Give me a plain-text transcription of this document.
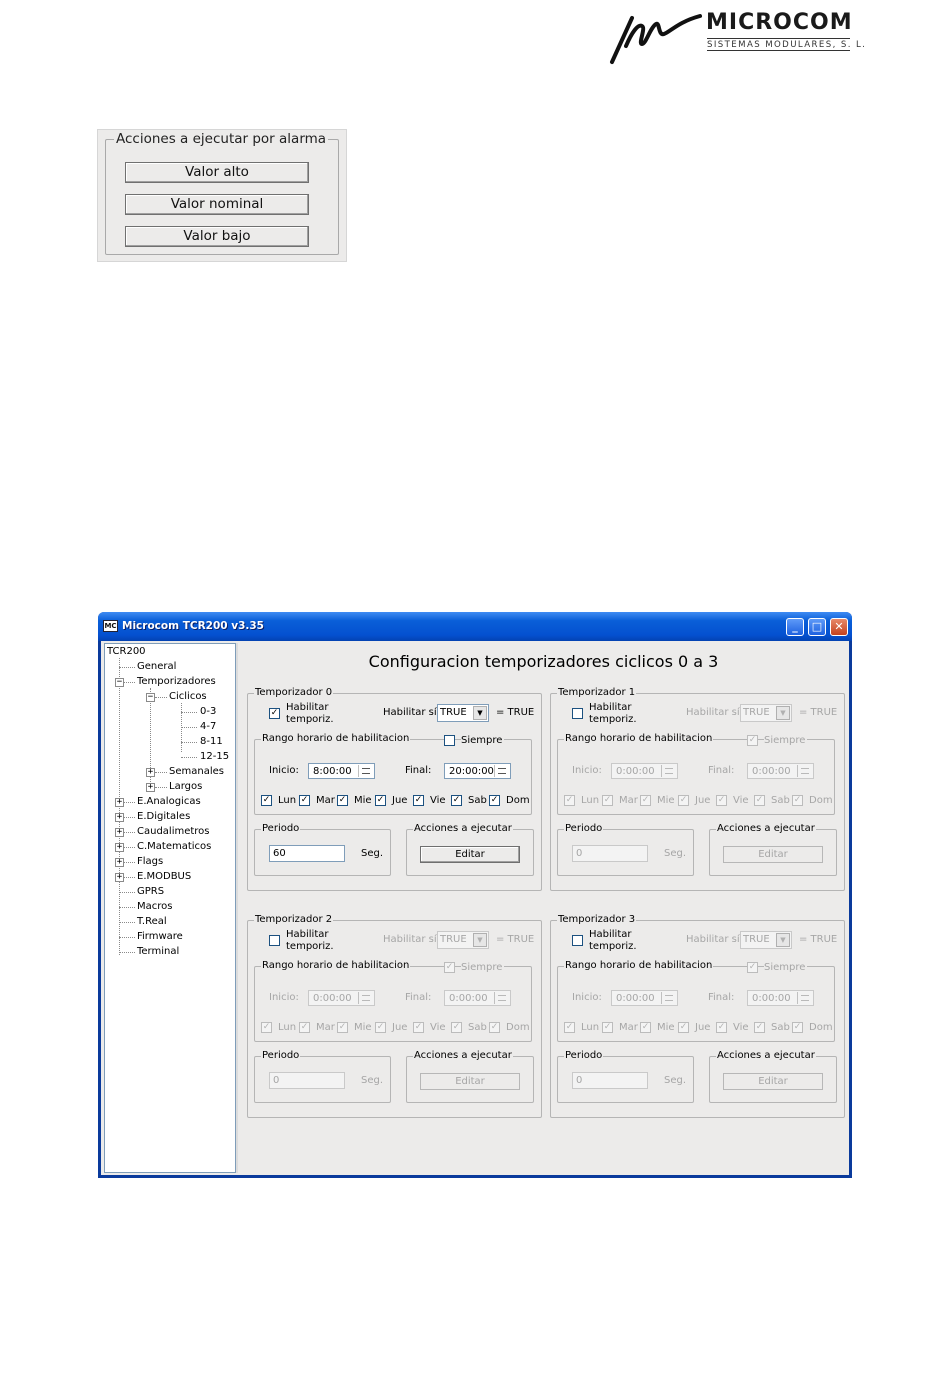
MICROCOM
SISTEMAS MODULARES, S. L.
Acciones a ejecutar por alarma
Valor alto
Valor nominal
Valor bajo
MC Microcom TCR200 v3.35	_	□	✕
TCR200
General
− Temporizadores
− Ciclicos
0-3
4-7
8-11
12-15
+ Semanales
+ Largos
+ E.Analogicas
+ E.Digitales
+ Caudalimetros
+ C.Matematicos
+ Flags
+ E.MODBUS
GPRS
Macros
T.Real
Firmware
Terminal
Configuracion temporizadores ciclicos 0 a 3
Temporizador 0
✓ Habilitar
temporiz.
Habilitar sí TRUE	▼	= TRUE
Rango horario de habilitacion	Siempre
Inicio: 8:00:00	Final: 20:00:00
✓ Lun ✓ Mar ✓ Mie ✓ Jue ✓ Vie ✓ Sab ✓ Dom
Periodo
60	Seg.
Acciones a ejecutar
Editar
Temporizador 1
Habilitar
temporiz.
Habilitar sí TRUE	▼	= TRUE
Rango horario de habilitacion	✓ Siempre
Inicio: 0:00:00	Final: 0:00:00
✓ Lun ✓ Mar ✓ Mie ✓ Jue ✓ Vie ✓ Sab ✓ Dom
Periodo
0	Seg.
Acciones a ejecutar
Editar
Temporizador 2
Habilitar
temporiz.
Habilitar sí TRUE	▼	= TRUE
Rango horario de habilitacion	✓ Siempre
Inicio: 0:00:00	Final: 0:00:00
✓ Lun ✓ Mar ✓ Mie ✓ Jue ✓ Vie ✓ Sab ✓ Dom
Periodo
0	Seg.
Acciones a ejecutar
Editar
Temporizador 3
Habilitar
temporiz.
Habilitar sí TRUE	▼	= TRUE
Rango horario de habilitacion	✓ Siempre
Inicio: 0:00:00	Final: 0:00:00
✓ Lun ✓ Mar ✓ Mie ✓ Jue ✓ Vie ✓ Sab ✓ Dom
Periodo
0	Seg.
Acciones a ejecutar
Editar
